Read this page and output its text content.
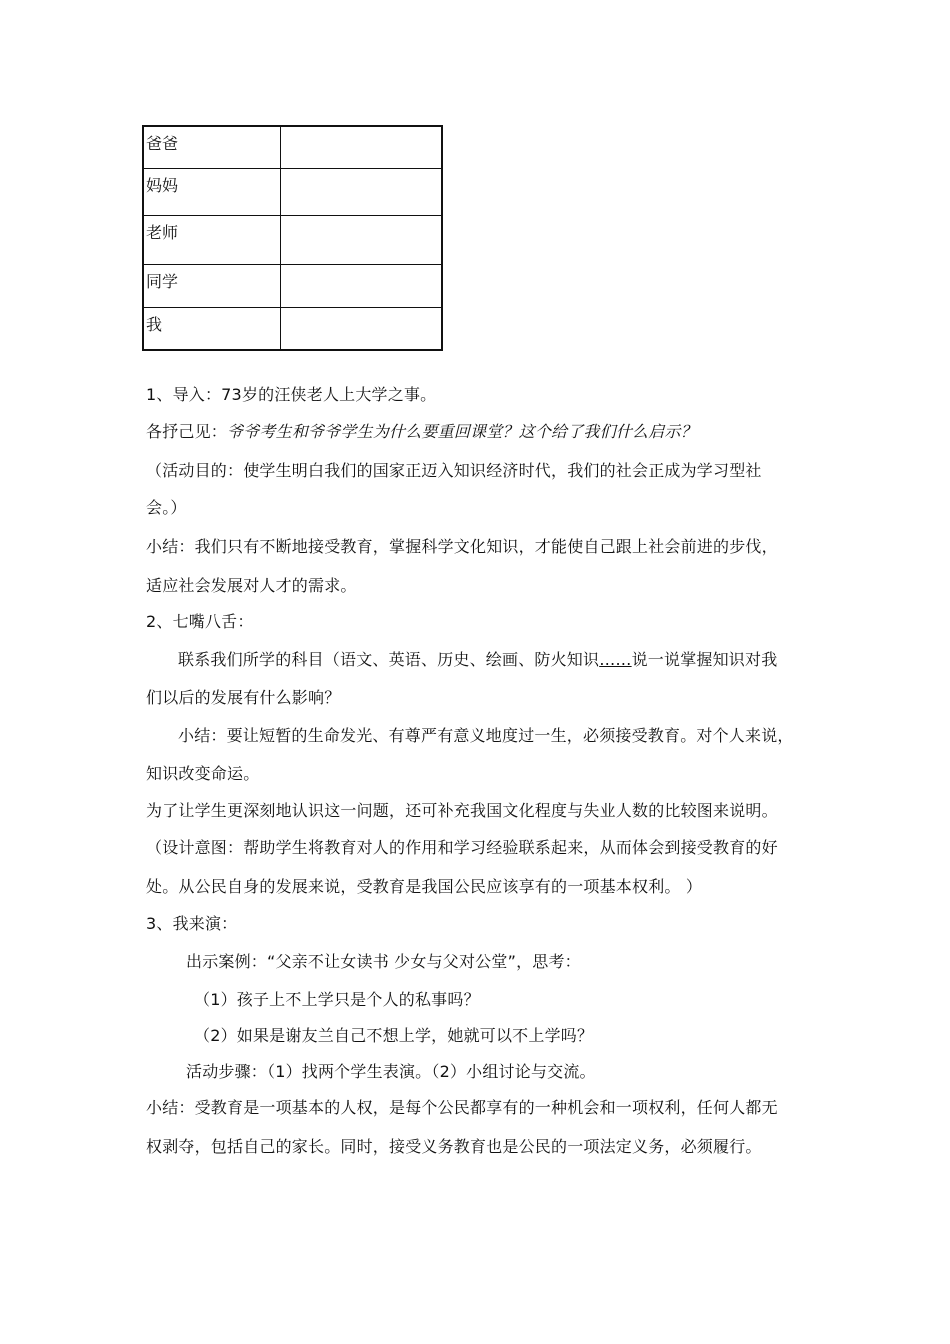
爸爸	
妈妈	
老师	
同学	
我	
1、导入：73岁的汪侠老人上大学之事。
各抒己见：爷爷考生和爷爷学生为什么要重回课堂？这个给了我们什么启示？
（活动目的：使学生明白我们的国家正迈入知识经济时代，我们的社会正成为学习型社
会。）
小结：我们只有不断地接受教育，掌握科学文化知识，才能使自己跟上社会前进的步伐，
适应社会发展对人才的需求。
2、七嘴八舌：
联系我们所学的科目（语文、英语、历史、绘画、防火知识……说一说掌握知识对我
们以后的发展有什么影响？
小结：要让短暂的生命发光、有尊严有意义地度过一生，必须接受教育。对个人来说，
知识改变命运。
为了让学生更深刻地认识这一问题，还可补充我国文化程度与失业人数的比较图来说明。
（设计意图：帮助学生将教育对人的作用和学习经验联系起来，从而体会到接受教育的好
处。从公民自身的发展来说，受教育是我国公民应该享有的一项基本权利。 ）
3、我来演：
出示案例：“父亲不让女读书 少女与父对公堂”，思考：
（1）孩子上不上学只是个人的私事吗？
（2）如果是谢友兰自己不想上学，她就可以不上学吗？
活动步骤：（1）找两个学生表演。（2）小组讨论与交流。
小结：受教育是一项基本的人权，是每个公民都享有的一种机会和一项权利，任何人都无
权剥夺，包括自己的家长。同时，接受义务教育也是公民的一项法定义务，必须履行。
